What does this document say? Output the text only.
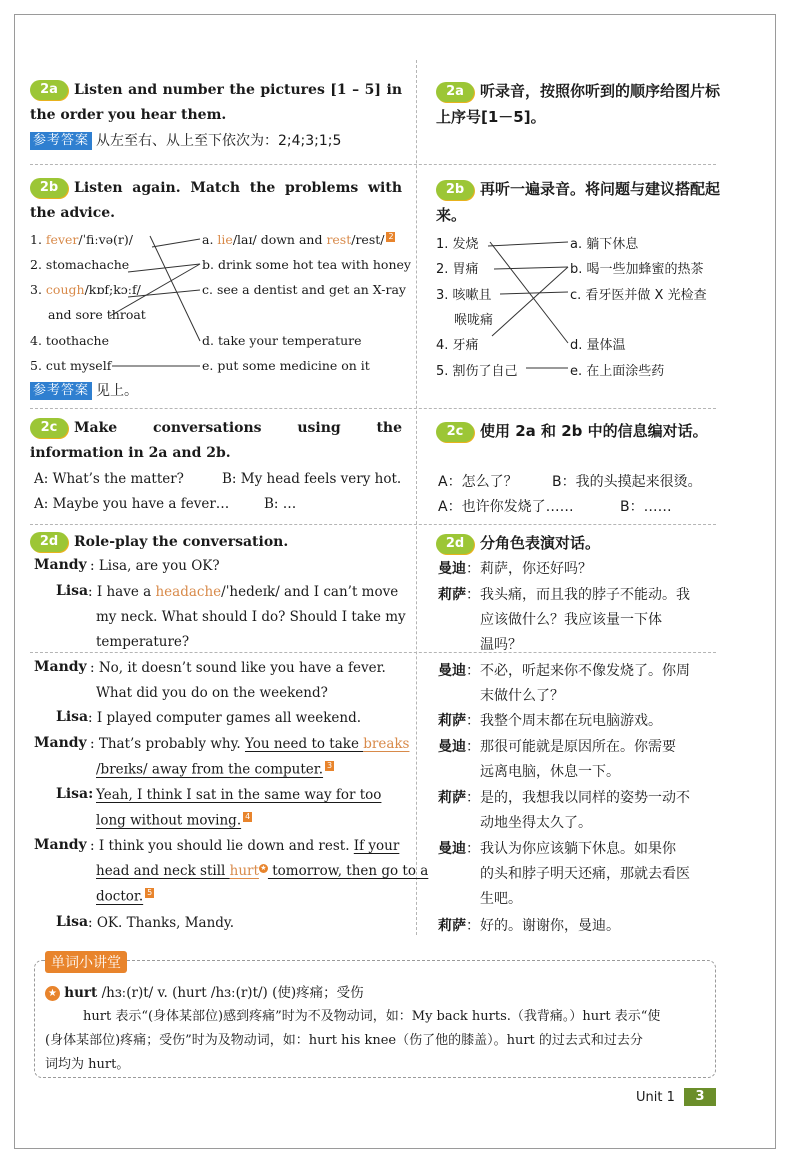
2a Listen and number the pictures [1 – 5] in the order you hear them.
参考答案 从左至右、从上至下依次为：2;4;3;1;5
2a 听录音，按照你听到的顺序给图片标上序号[1－5]。
2b Listen again. Match the problems with the advice.
1. fever/ˈfiːvə(r)/
2. stomachache
3. cough/kɒf;kɔːf/
and sore throat
4. toothache
5. cut myself
a. lie/laɪ/ down and rest/rest/ 2
b. drink some hot tea with honey
c. see a dentist and get an X-ray
d. take your temperature
e. put some medicine on it
参考答案 见上。
2b 再听一遍录音。将问题与建议搭配起来。
1. 发烧
2. 胃痛
3. 咳嗽且
喉咙痛
4. 牙痛
5. 割伤了自己
a. 躺下休息
b. 喝一些加蜂蜜的热茶
c. 看牙医并做 X 光检查
d. 量体温
e. 在上面涂些药
2c Make conversations using the information in 2a and 2b.
A: What’s the matter?	B: My head feels very hot.
A: Maybe you have a fever…	B: …
2c 使用 2a 和 2b 中的信息编对话。
A：怎么了？ B：我的头摸起来很烫。
A：也许你发烧了……	B：……
2d Role-play the conversation.
Mandy : Lisa, are you OK?
Lisa : I have a headache/ˈhedeɪk/ and I can’t move
my neck. What should I do? Should I take my
temperature?
Mandy : No, it doesn’t sound like you have a fever.
What did you do on the weekend?
Lisa : I played computer games all weekend.
Mandy : That’s probably why. You need to take breaks
/breɪks/ away from the computer. 3
Lisa: Yeah, I think I sat in the same way for too
long without moving. 4
Mandy : I think you should lie down and rest. If your
head and neck still hurt★ tomorrow, then go to a
doctor. 5
Lisa : OK. Thanks, Mandy.
2d 分角色表演对话。
曼迪 ：莉萨，你还好吗？
莉萨 ：我头痛，而且我的脖子不能动。我
应该做什么？我应该量一下体
温吗？
曼迪 ：不必，听起来你不像发烧了。你周
末做什么了？
莉萨 ：我整个周末都在玩电脑游戏。
曼迪 ：那很可能就是原因所在。你需要
远离电脑，休息一下。
莉萨 ：是的，我想我以同样的姿势一动不
动地坐得太久了。
曼迪 ：我认为你应该躺下休息。如果你
的头和脖子明天还痛，那就去看医
生吧。
莉萨 ：好的。谢谢你，曼迪。
单词小讲堂
★ hurt /hɜː(r)t/ v. (hurt /hɜː(r)t/) (使)疼痛；受伤
hurt 表示“(身体某部位)感到疼痛”时为不及物动词，如：My back hurts.（我背痛。）hurt 表示“使
(身体某部位)疼痛；受伤”时为及物动词，如：hurt his knee（伤了他的膝盖）。hurt 的过去式和过去分
词均为 hurt。
Unit 1	3
